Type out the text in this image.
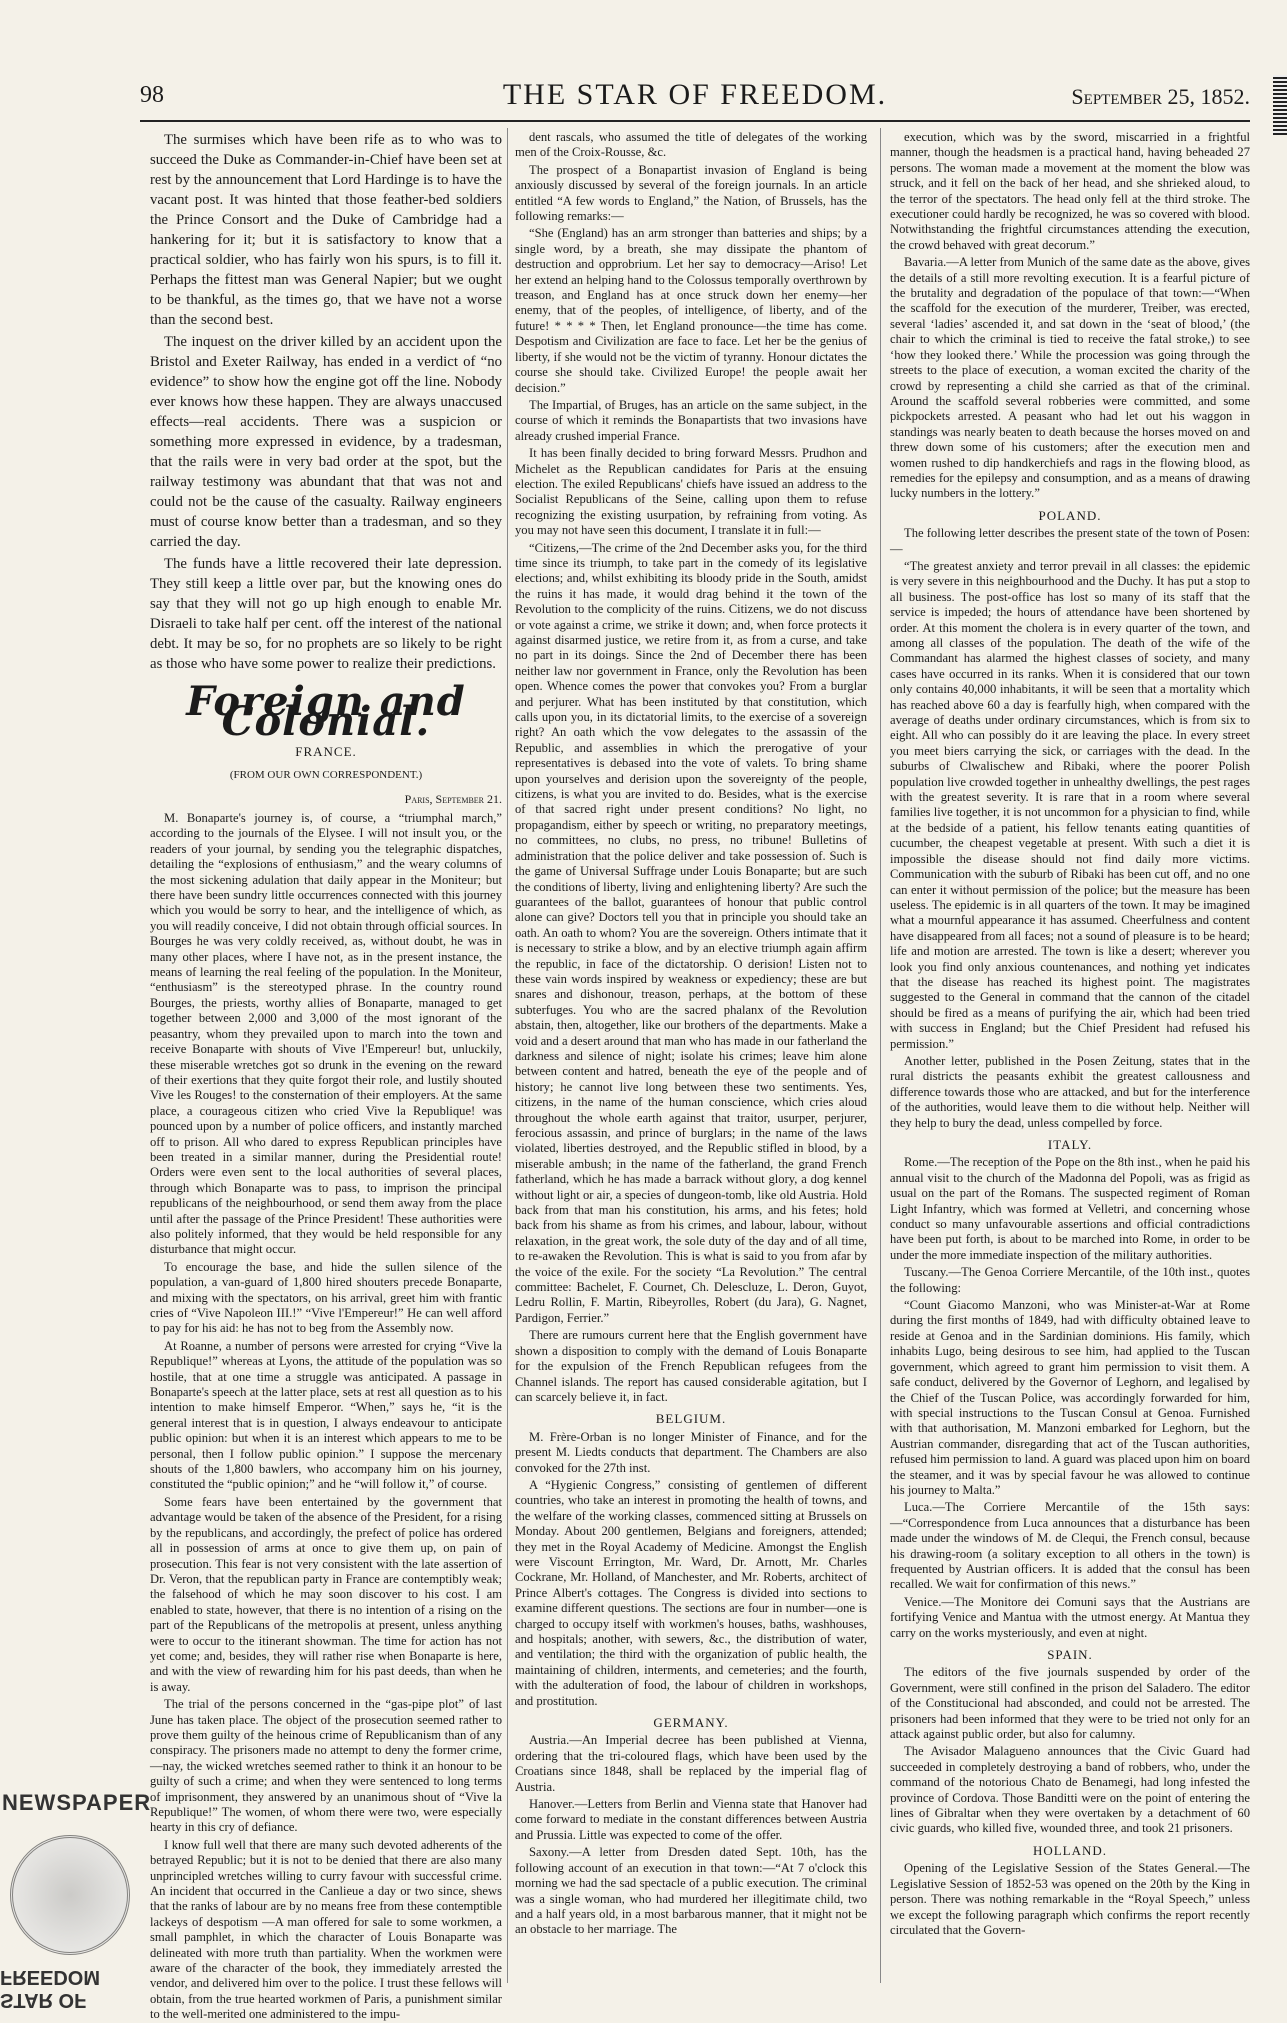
98	THE STAR OF FREEDOM.	September 25, 1852.

The surmises which have been rife as to who was to succeed the Duke as Commander-in-Chief have been set at rest by the announcement that Lord Hardinge is to have the vacant post. It was hinted that those feather-bed soldiers the Prince Consort and the Duke of Cambridge had a hankering for it; but it is satisfactory to know that a practical soldier, who has fairly won his spurs, is to fill it. Perhaps the fittest man was General Napier; but we ought to be thankful, as the times go, that we have not a worse than the second best.

The inquest on the driver killed by an accident upon the Bristol and Exeter Railway, has ended in a verdict of “no evidence” to show how the engine got off the line. Nobody ever knows how these happen. They are always unaccused effects—real accidents. There was a suspicion or something more expressed in evidence, by a tradesman, that the rails were in very bad order at the spot, but the railway testimony was abundant that that was not and could not be the cause of the casualty. Railway engineers must of course know better than a tradesman, and so they carried the day.

The funds have a little recovered their late depression. They still keep a little over par, but the knowing ones do say that they will not go up high enough to enable Mr. Disraeli to take half per cent. off the interest of the national debt. It may be so, for no prophets are so likely to be right as those who have some power to realize their predictions.

Foreign and Colonial.
FRANCE.
(FROM OUR OWN CORRESPONDENT.)
Paris, September 21.

M. Bonaparte's journey is, of course, a “triumphal march,” according to the journals of the Elysee. I will not insult you, or the readers of your journal, by sending you the telegraphic dispatches, detailing the “explosions of enthusiasm,” and the weary columns of the most sickening adulation that daily appear in the Moniteur; but there have been sundry little occurrences connected with this journey which you would be sorry to hear, and the intelligence of which, as you will readily conceive, I did not obtain through official sources. In Bourges he was very coldly received, as, without doubt, he was in many other places, where I have not, as in the present instance, the means of learning the real feeling of the population. In the Moniteur, “enthusiasm” is the stereotyped phrase. In the country round Bourges, the priests, worthy allies of Bonaparte, managed to get together between 2,000 and 3,000 of the most ignorant of the peasantry, whom they prevailed upon to march into the town and receive Bonaparte with shouts of Vive l'Empereur! but, unluckily, these miserable wretches got so drunk in the evening on the reward of their exertions that they quite forgot their role, and lustily shouted Vive les Rouges! to the consternation of their employers. At the same place, a courageous citizen who cried Vive la Republique! was pounced upon by a number of police officers, and instantly marched off to prison. All who dared to express Republican principles have been treated in a similar manner, during the Presidential route! Orders were even sent to the local authorities of several places, through which Bonaparte was to pass, to imprison the principal republicans of the neighbourhood, or send them away from the place until after the passage of the Prince President! These authorities were also politely informed, that they would be held responsible for any disturbance that might occur.

To encourage the base, and hide the sullen silence of the population, a van-guard of 1,800 hired shouters precede Bonaparte, and mixing with the spectators, on his arrival, greet him with frantic cries of “Vive Napoleon III.!” “Vive l'Empereur!” He can well afford to pay for his aid: he has not to beg from the Assembly now.

At Roanne, a number of persons were arrested for crying “Vive la Republique!” whereas at Lyons, the attitude of the population was so hostile, that at one time a struggle was anticipated. A passage in Bonaparte's speech at the latter place, sets at rest all question as to his intention to make himself Emperor. “When,” says he, “it is the general interest that is in question, I always endeavour to anticipate public opinion: but when it is an interest which appears to me to be personal, then I follow public opinion.” I suppose the mercenary shouts of the 1,800 bawlers, who accompany him on his journey, constituted the “public opinion;” and he “will follow it,” of course.

Some fears have been entertained by the government that advantage would be taken of the absence of the President, for a rising by the republicans, and accordingly, the prefect of police has ordered all in possession of arms at once to give them up, on pain of prosecution. This fear is not very consistent with the late assertion of Dr. Veron, that the republican party in France are contemptibly weak; the falsehood of which he may soon discover to his cost. I am enabled to state, however, that there is no intention of a rising on the part of the Republicans of the metropolis at present, unless anything were to occur to the itinerant showman. The time for action has not yet come; and, besides, they will rather rise when Bonaparte is here, and with the view of rewarding him for his past deeds, than when he is away.

The trial of the persons concerned in the “gas-pipe plot” of last June has taken place. The object of the prosecution seemed rather to prove them guilty of the heinous crime of Republicanism than of any conspiracy. The prisoners made no attempt to deny the former crime,—nay, the wicked wretches seemed rather to think it an honour to be guilty of such a crime; and when they were sentenced to long terms of imprisonment, they answered by an unanimous shout of “Vive la Republique!” The women, of whom there were two, were especially hearty in this cry of defiance.

I know full well that there are many such devoted adherents of the betrayed Republic; but it is not to be denied that there are also many unprincipled wretches willing to curry favour with successful crime. An incident that occurred in the Canlieue a day or two since, shews that the ranks of labour are by no means free from these contemptible lackeys of despotism —A man offered for sale to some workmen, a small pamphlet, in which the character of Louis Bonaparte was delineated with more truth than partiality. When the workmen were aware of the character of the book, they immediately arrested the vendor, and delivered him over to the police. I trust these fellows will obtain, from the true hearted workmen of Paris, a punishment similar to the well-merited one administered to the impu-

dent rascals, who assumed the title of delegates of the working men of the Croix-Rousse, &c.

The prospect of a Bonapartist invasion of England is being anxiously discussed by several of the foreign journals. In an article entitled “A few words to England,” the Nation, of Brussels, has the following remarks:—

“She (England) has an arm stronger than batteries and ships; by a single word, by a breath, she may dissipate the phantom of destruction and opprobrium. Let her say to democracy—Ariso! Let her extend an helping hand to the Colossus temporally overthrown by treason, and England has at once struck down her enemy—her enemy, that of the peoples, of intelligence, of liberty, and of the future! * * * * Then, let England pronounce—the time has come. Despotism and Civilization are face to face. Let her be the genius of liberty, if she would not be the victim of tyranny. Honour dictates the course she should take. Civilized Europe! the people await her decision.”

The Impartial, of Bruges, has an article on the same subject, in the course of which it reminds the Bonapartists that two invasions have already crushed imperial France.

It has been finally decided to bring forward Messrs. Prudhon and Michelet as the Republican candidates for Paris at the ensuing election. The exiled Republicans' chiefs have issued an address to the Socialist Republicans of the Seine, calling upon them to refuse recognizing the existing usurpation, by refraining from voting. As you may not have seen this document, I translate it in full:—

“Citizens,—The crime of the 2nd December asks you, for the third time since its triumph, to take part in the comedy of its legislative elections; and, whilst exhibiting its bloody pride in the South, amidst the ruins it has made, it would drag behind it the town of the Revolution to the complicity of the ruins. Citizens, we do not discuss or vote against a crime, we strike it down; and, when force protects it against disarmed justice, we retire from it, as from a curse, and take no part in its doings. Since the 2nd of December there has been neither law nor government in France, only the Revolution has been open. Whence comes the power that convokes you? From a burglar and perjurer. What has been instituted by that constitution, which calls upon you, in its dictatorial limits, to the exercise of a sovereign right? An oath which the vow delegates to the assassin of the Republic, and assemblies in which the prerogative of your representatives is debased into the vote of valets. To bring shame upon yourselves and derision upon the sovereignty of the people, citizens, is what you are invited to do. Besides, what is the exercise of that sacred right under present conditions? No light, no propagandism, either by speech or writing, no preparatory meetings, no committees, no clubs, no press, no tribune! Bulletins of administration that the police deliver and take possession of. Such is the game of Universal Suffrage under Louis Bonaparte; but are such the conditions of liberty, living and enlightening liberty? Are such the guarantees of the ballot, guarantees of honour that public control alone can give? Doctors tell you that in principle you should take an oath. An oath to whom? You are the sovereign. Others intimate that it is necessary to strike a blow, and by an elective triumph again affirm the republic, in face of the dictatorship. O derision! Listen not to these vain words inspired by weakness or expediency; these are but snares and dishonour, treason, perhaps, at the bottom of these subterfuges. You who are the sacred phalanx of the Revolution abstain, then, altogether, like our brothers of the departments. Make a void and a desert around that man who has made in our fatherland the darkness and silence of night; isolate his crimes; leave him alone between content and hatred, beneath the eye of the people and of history; he cannot live long between these two sentiments. Yes, citizens, in the name of the human conscience, which cries aloud throughout the whole earth against that traitor, usurper, perjurer, ferocious assassin, and prince of burglars; in the name of the laws violated, liberties destroyed, and the Republic stifled in blood, by a miserable ambush; in the name of the fatherland, the grand French fatherland, which he has made a barrack without glory, a dog kennel without light or air, a species of dungeon-tomb, like old Austria. Hold back from that man his constitution, his arms, and his fetes; hold back from his shame as from his crimes, and labour, labour, without relaxation, in the great work, the sole duty of the day and of all time, to re-awaken the Revolution. This is what is said to you from afar by the voice of the exile. For the society “La Revolution.” The central committee: Bachelet, F. Cournet, Ch. Delescluze, L. Deron, Guyot, Ledru Rollin, F. Martin, Ribeyrolles, Robert (du Jara), G. Nagnet, Pardigon, Ferrier.”

There are rumours current here that the English government have shown a disposition to comply with the demand of Louis Bonaparte for the expulsion of the French Republican refugees from the Channel islands. The report has caused considerable agitation, but I can scarcely believe it, in fact.

BELGIUM.

M. Frère-Orban is no longer Minister of Finance, and for the present M. Liedts conducts that department. The Chambers are also convoked for the 27th inst.

A “Hygienic Congress,” consisting of gentlemen of different countries, who take an interest in promoting the health of towns, and the welfare of the working classes, commenced sitting at Brussels on Monday. About 200 gentlemen, Belgians and foreigners, attended; they met in the Royal Academy of Medicine. Amongst the English were Viscount Errington, Mr. Ward, Dr. Arnott, Mr. Charles Cockrane, Mr. Holland, of Manchester, and Mr. Roberts, architect of Prince Albert's cottages. The Congress is divided into sections to examine different questions. The sections are four in number—one is charged to occupy itself with workmen's houses, baths, washhouses, and hospitals; another, with sewers, &c., the distribution of water, and ventilation; the third with the organization of public health, the maintaining of children, interments, and cemeteries; and the fourth, with the adulteration of food, the labour of children in workshops, and prostitution.

GERMANY.

Austria.—An Imperial decree has been published at Vienna, ordering that the tri-coloured flags, which have been used by the Croatians since 1848, shall be replaced by the imperial flag of Austria.

Hanover.—Letters from Berlin and Vienna state that Hanover had come forward to mediate in the constant differences between Austria and Prussia. Little was expected to come of the offer.

Saxony.—A letter from Dresden dated Sept. 10th, has the following account of an execution in that town:—“At 7 o'clock this morning we had the sad spectacle of a public execution. The criminal was a single woman, who had murdered her illegitimate child, two and a half years old, in a most barbarous manner, that it might not be an obstacle to her marriage. The

execution, which was by the sword, miscarried in a frightful manner, though the headsmen is a practical hand, having beheaded 27 persons. The woman made a movement at the moment the blow was struck, and it fell on the back of her head, and she shrieked aloud, to the terror of the spectators. The head only fell at the third stroke. The executioner could hardly be recognized, he was so covered with blood. Notwithstanding the frightful circumstances attending the execution, the crowd behaved with great decorum.”

Bavaria.—A letter from Munich of the same date as the above, gives the details of a still more revolting execution. It is a fearful picture of the brutality and degradation of the populace of that town:—“When the scaffold for the execution of the murderer, Treiber, was erected, several ‘ladies’ ascended it, and sat down in the ‘seat of blood,’ (the chair to which the criminal is tied to receive the fatal stroke,) to see ‘how they looked there.’ While the procession was going through the streets to the place of execution, a woman excited the charity of the crowd by representing a child she carried as that of the criminal. Around the scaffold several robberies were committed, and some pickpockets arrested. A peasant who had let out his waggon in standings was nearly beaten to death because the horses moved on and threw down some of his customers; after the execution men and women rushed to dip handkerchiefs and rags in the flowing blood, as remedies for the epilepsy and consumption, and as a means of drawing lucky numbers in the lottery.”

POLAND.

The following letter describes the present state of the town of Posen:—

“The greatest anxiety and terror prevail in all classes: the epidemic is very severe in this neighbourhood and the Duchy. It has put a stop to all business. The post-office has lost so many of its staff that the service is impeded; the hours of attendance have been shortened by order. At this moment the cholera is in every quarter of the town, and among all classes of the population. The death of the wife of the Commandant has alarmed the highest classes of society, and many cases have occurred in its ranks. When it is considered that our town only contains 40,000 inhabitants, it will be seen that a mortality which has reached above 60 a day is fearfully high, when compared with the average of deaths under ordinary circumstances, which is from six to eight. All who can possibly do it are leaving the place. In every street you meet biers carrying the sick, or carriages with the dead. In the suburbs of Clwalischew and Ribaki, where the poorer Polish population live crowded together in unhealthy dwellings, the pest rages with the greatest severity. It is rare that in a room where several families live together, it is not uncommon for a physician to find, while at the bedside of a patient, his fellow tenants eating quantities of cucumber, the cheapest vegetable at present. With such a diet it is impossible the disease should not find daily more victims. Communication with the suburb of Ribaki has been cut off, and no one can enter it without permission of the police; but the measure has been useless. The epidemic is in all quarters of the town. It may be imagined what a mournful appearance it has assumed. Cheerfulness and content have disappeared from all faces; not a sound of pleasure is to be heard; life and motion are arrested. The town is like a desert; wherever you look you find only anxious countenances, and nothing yet indicates that the disease has reached its highest point. The magistrates suggested to the General in command that the cannon of the citadel should be fired as a means of purifying the air, which had been tried with success in England; but the Chief President had refused his permission.”

Another letter, published in the Posen Zeitung, states that in the rural districts the peasants exhibit the greatest callousness and difference towards those who are attacked, and but for the interference of the authorities, would leave them to die without help. Neither will they help to bury the dead, unless compelled by force.

ITALY.

Rome.—The reception of the Pope on the 8th inst., when he paid his annual visit to the church of the Madonna del Popoli, was as frigid as usual on the part of the Romans. The suspected regiment of Roman Light Infantry, which was formed at Velletri, and concerning whose conduct so many unfavourable assertions and official contradictions have been put forth, is about to be marched into Rome, in order to be under the more immediate inspection of the military authorities.

Tuscany.—The Genoa Corriere Mercantile, of the 10th inst., quotes the following:

“Count Giacomo Manzoni, who was Minister-at-War at Rome during the first months of 1849, had with difficulty obtained leave to reside at Genoa and in the Sardinian dominions. His family, which inhabits Lugo, being desirous to see him, had applied to the Tuscan government, which agreed to grant him permission to visit them. A safe conduct, delivered by the Governor of Leghorn, and legalised by the Chief of the Tuscan Police, was accordingly forwarded for him, with special instructions to the Tuscan Consul at Genoa. Furnished with that authorisation, M. Manzoni embarked for Leghorn, but the Austrian commander, disregarding that act of the Tuscan authorities, refused him permission to land. A guard was placed upon him on board the steamer, and it was by special favour he was allowed to continue his journey to Malta.”

Luca.—The Corriere Mercantile of the 15th says:—“Correspondence from Luca announces that a disturbance has been made under the windows of M. de Clequi, the French consul, because his drawing-room (a solitary exception to all others in the town) is frequented by Austrian officers. It is added that the consul has been recalled. We wait for confirmation of this news.”

Venice.—The Monitore dei Comuni says that the Austrians are fortifying Venice and Mantua with the utmost energy. At Mantua they carry on the works mysteriously, and even at night.

SPAIN.

The editors of the five journals suspended by order of the Government, were still confined in the prison del Saladero. The editor of the Constitucional had absconded, and could not be arrested. The prisoners had been informed that they were to be tried not only for an attack against public order, but also for calumny.

The Avisador Malagueno announces that the Civic Guard had succeeded in completely destroying a band of robbers, who, under the command of the notorious Chato de Benamegi, had long infested the province of Cordova. Those Banditti were on the point of entering the lines of Gibraltar when they were overtaken by a detachment of 60 civic guards, who killed five, wounded three, and took 21 prisoners.

HOLLAND.

Opening of the Legislative Session of the States General.—The Legislative Session of 1852-53 was opened on the 20th by the King in person. There was nothing remarkable in the “Royal Speech,” unless we except the following paragraph which confirms the report recently circulated that the Govern-

NEWSPAPER
STAR OF FREEDOM
